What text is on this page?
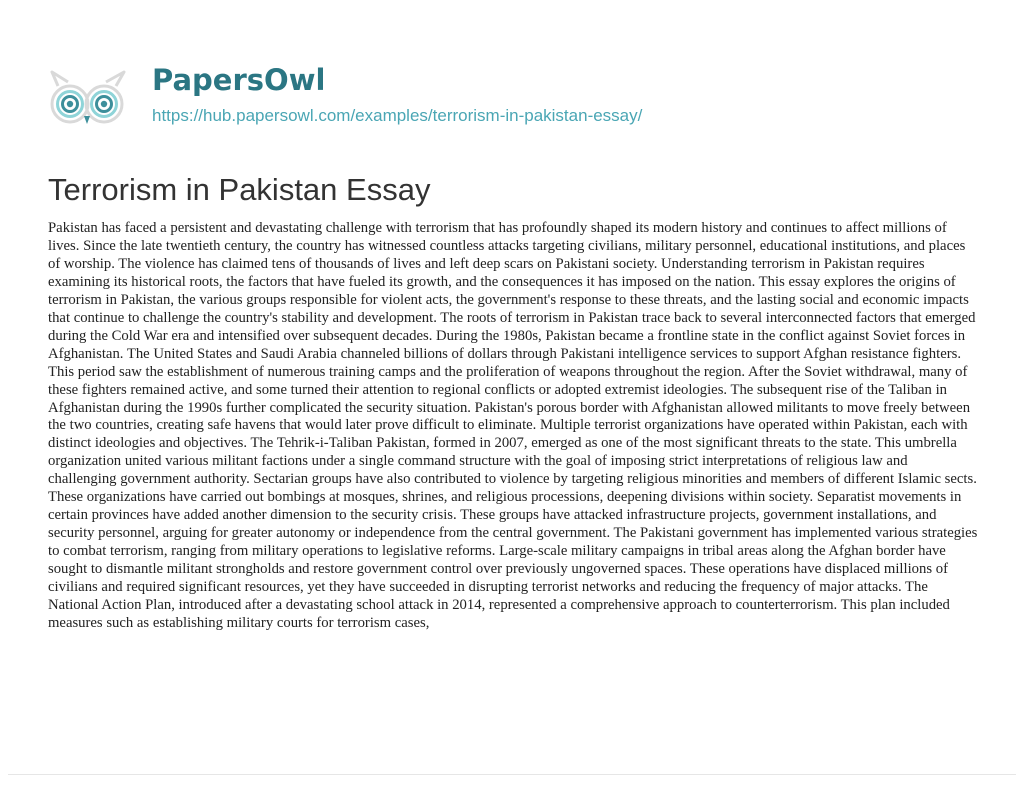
PapersOwl
https://hub.papersowl.com/examples/terrorism-in-pakistan-essay/
Terrorism in Pakistan Essay

Pakistan has faced a persistent and devastating challenge with terrorism that has profoundly shaped its modern history and continues to affect millions of lives. Since the late twentieth century, the country has witnessed countless attacks targeting civilians, military personnel, educational institutions, and places of worship. The violence has claimed tens of thousands of lives and left deep scars on Pakistani society. Understanding terrorism in Pakistan requires examining its historical roots, the factors that have fueled its growth, and the consequences it has imposed on the nation. This essay explores the origins of terrorism in Pakistan, the various groups responsible for violent acts, the government's response to these threats, and the lasting social and economic impacts that continue to challenge the country's stability and development. The roots of terrorism in Pakistan trace back to several interconnected factors that emerged during the Cold War era and intensified over subsequent decades. During the 1980s, Pakistan became a frontline state in the conflict against Soviet forces in Afghanistan. The United States and Saudi Arabia channeled billions of dollars through Pakistani intelligence services to support Afghan resistance fighters. This period saw the establishment of numerous training camps and the proliferation of weapons throughout the region. After the Soviet withdrawal, many of these fighters remained active, and some turned their attention to regional conflicts or adopted extremist ideologies. The subsequent rise of the Taliban in Afghanistan during the 1990s further complicated the security situation. Pakistan's porous border with Afghanistan allowed militants to move freely between the two countries, creating safe havens that would later prove difficult to eliminate. Multiple terrorist organizations have operated within Pakistan, each with distinct ideologies and objectives. The Tehrik-i-Taliban Pakistan, formed in 2007, emerged as one of the most significant threats to the state. This umbrella organization united various militant factions under a single command structure with the goal of imposing strict interpretations of religious law and challenging government authority. Sectarian groups have also contributed to violence by targeting religious minorities and members of different Islamic sects. These organizations have carried out bombings at mosques, shrines, and religious processions, deepening divisions within society. Separatist movements in certain provinces have added another dimension to the security crisis. These groups have attacked infrastructure projects, government installations, and security personnel, arguing for greater autonomy or independence from the central government. The Pakistani government has implemented various strategies to combat terrorism, ranging from military operations to legislative reforms. Large-scale military campaigns in tribal areas along the Afghan border have sought to dismantle militant strongholds and restore government control over previously ungoverned spaces. These operations have displaced millions of civilians and required significant resources, yet they have succeeded in disrupting terrorist networks and reducing the frequency of major attacks. The National Action Plan, introduced after a devastating school attack in 2014, represented a comprehensive approach to counterterrorism. This plan included measures such as establishing military courts for terrorism cases,
